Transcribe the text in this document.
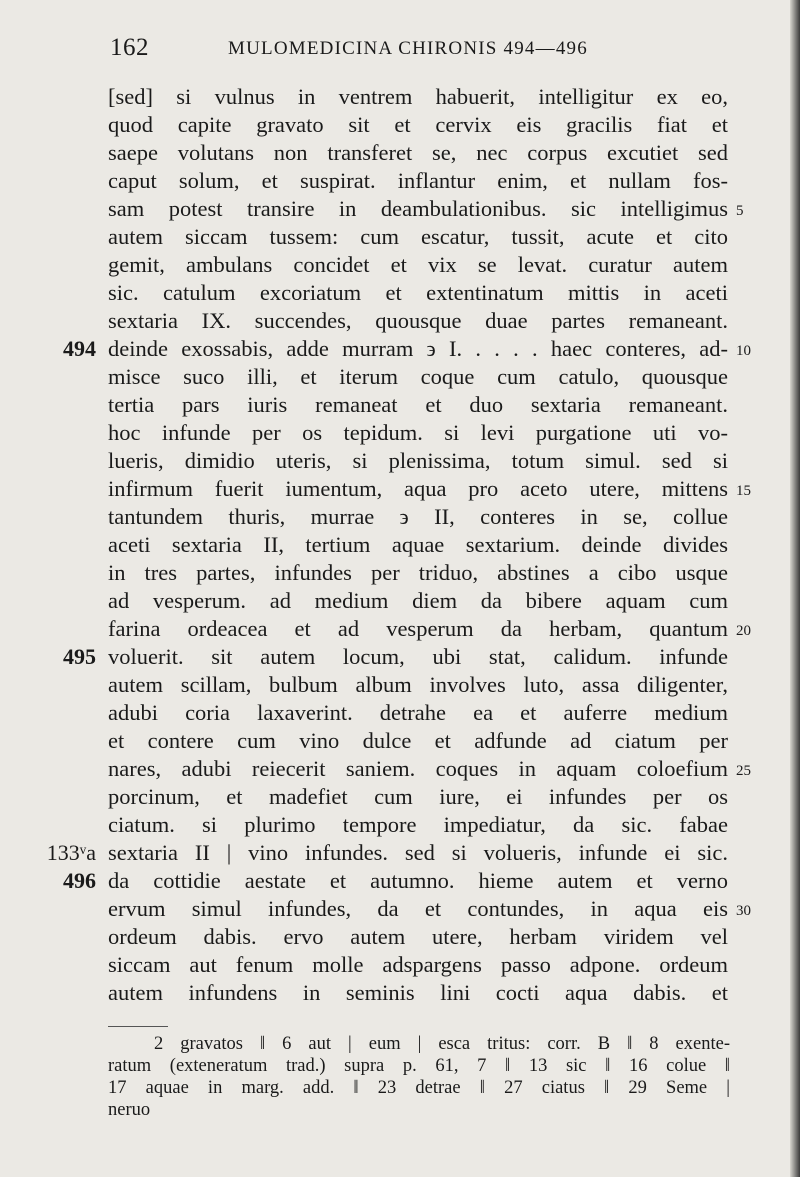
162	MULOMEDICINA CHIRONIS 494—496
[sed] si vulnus in ventrem habuerit, intelligitur ex eo,
quod capite gravato sit et cervix eis gracilis fiat et
saepe volutans non transferet se, nec corpus excutiet sed
caput solum, et suspirat. inflantur enim, et nullam fos-
sam potest transire in deambulationibus. sic intelligimus 5
autem siccam tussem: cum escatur, tussit, acute et cito
gemit, ambulans concidet et vix se levat. curatur autem
sic. catulum excoriatum et extentinatum mittis in aceti
sextaria IX. succendes, quousque duae partes remaneant.
494 deinde exossabis, adde murram ϶ I. . . . . haec conteres, ad- 10
misce suco illi, et iterum coque cum catulo, quousque
tertia pars iuris remaneat et duo sextaria remaneant.
hoc infunde per os tepidum. si levi purgatione uti vo-
lueris, dimidio uteris, si plenissima, totum simul. sed si
infirmum fuerit iumentum, aqua pro aceto utere, mittens 15
tantundem thuris, murrae ϶ II, conteres in se, collue
aceti sextaria II, tertium aquae sextarium. deinde divides
in tres partes, infundes per triduo, abstines a cibo usque
ad vesperum. ad medium diem da bibere aquam cum
farina ordeacea et ad vesperum da herbam, quantum 20
495 voluerit. sit autem locum, ubi stat, calidum. infunde
autem scillam, bulbum album involves luto, assa diligenter,
adubi coria laxaverint. detrahe ea et auferre medium
et contere cum vino dulce et adfunde ad ciatum per
nares, adubi reiecerit saniem. coques in aquam coloefium 25
porcinum, et madefiet cum iure, ei infundes per os
ciatum. si plurimo tempore impediatur, da sic. fabae
133ᵛa sextaria II | vino infundes. sed si volueris, infunde ei sic.
496 da cottidie aestate et autumno. hieme autem et verno
ervum simul infundes, da et contundes, in aqua eis 30
ordeum dabis. ervo autem utere, herbam viridem vel
siccam aut fenum molle adspargens passo adpone. ordeum
autem infundens in seminis lini cocti aqua dabis. et
2 gravatos ‖ 6 aut | eum | esca tritus: corr. B ‖ 8 exente-
ratum (exteneratum trad.) supra p. 61, 7 ‖ 13 sic ‖ 16 colue ‖
17 aquae in marg. add. ‖ 23 detrae ‖ 27 ciatus ‖ 29 Seme |
neruo
